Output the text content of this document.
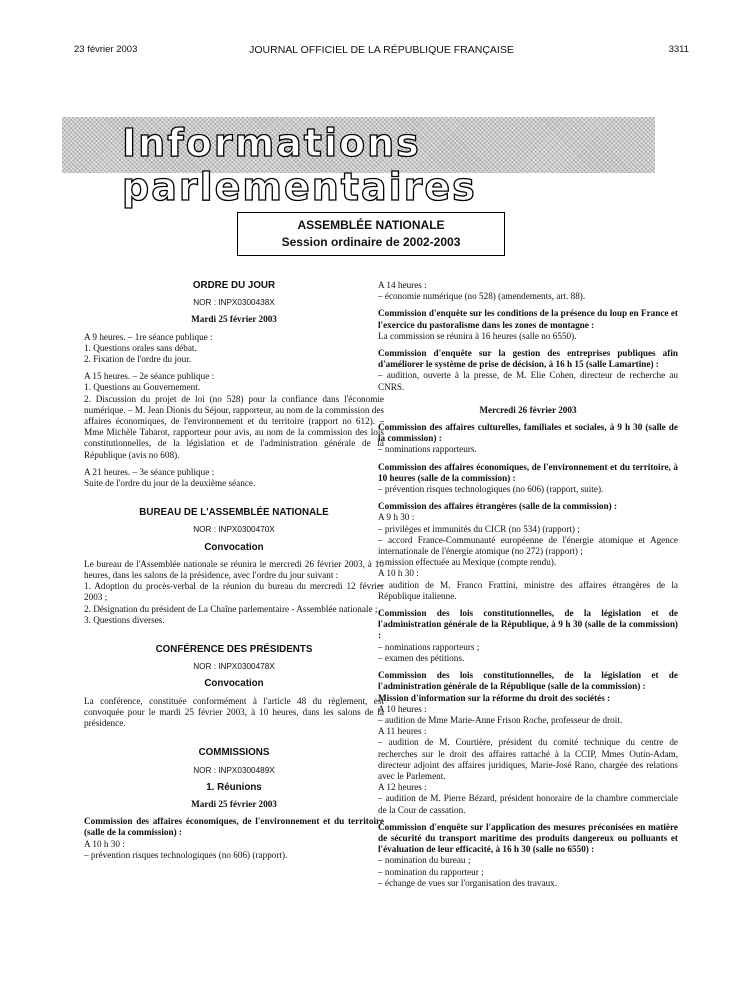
23 février 2003	JOURNAL OFFICIEL DE LA RÉPUBLIQUE FRANÇAISE	3311
Informations parlementaires
ASSEMBLÉE NATIONALE
Session ordinaire de 2002-2003

ORDRE DU JOUR

NOR : INPX0300438X

Mardi 25 février 2003

A 9 heures. – 1re séance publique :

1. Questions orales sans débat.

2. Fixation de l'ordre du jour.

A 15 heures. – 2e séance publique :

1. Questions au Gouvernement.

2. Discussion du projet de loi (no 528) pour la confiance dans l'économie numérique. – M. Jean Dionis du Séjour, rapporteur, au nom de la commission des affaires économiques, de l'environnement et du territoire (rapport no 612). – Mme Michèle Tabarot, rapporteur pour avis, au nom de la commission des lois constitutionnelles, de la législation et de l'administration générale de la République (avis no 608).

A 21 heures. – 3e séance publique :

Suite de l'ordre du jour de la deuxième séance.

BUREAU DE L'ASSEMBLÉE NATIONALE

NOR : INPX0300470X

Convocation

Le bureau de l'Assemblée nationale se réunira le mercredi 26 février 2003, à 10 heures, dans les salons de la présidence, avec l'ordre du jour suivant :

1. Adoption du procès-verbal de la réunion du bureau du mercredi 12 février 2003 ;

2. Désignation du président de La Chaîne parlementaire - Assemblée nationale ;

3. Questions diverses.

CONFÉRENCE DES PRÉSIDENTS

NOR : INPX0300478X

Convocation

La conférence, constituée conformément à l'article 48 du règlement, est convoquée pour le mardi 25 février 2003, à 10 heures, dans les salons de la présidence.

COMMISSIONS

NOR : INPX0300489X

1. Réunions

Mardi 25 février 2003

Commission des affaires économiques, de l'environnement et du territoire (salle de la commission) :

A 10 h 30 :

– prévention risques technologiques (no 606) (rapport).

A 14 heures :

– économie numérique (no 528) (amendements, art. 88).

Commission d'enquête sur les conditions de la présence du loup en France et l'exercice du pastoralisme dans les zones de montagne :

La commission se réunira à 16 heures (salle no 6550).

Commission d'enquête sur la gestion des entreprises publiques afin d'améliorer le système de prise de décision, à 16 h 15 (salle Lamartine) :

– audition, ouverte à la presse, de M. Elie Cohen, directeur de recherche au CNRS.

Mercredi 26 février 2003

Commission des affaires culturelles, familiales et sociales, à 9 h 30 (salle de la commission) :

– nominations rapporteurs.

Commission des affaires économiques, de l'environnement et du territoire, à 10 heures (salle de la commission) :

– prévention risques technologiques (no 606) (rapport, suite).

Commission des affaires étrangères (salle de la commission) :

A 9 h 30 :

– privilèges et immunités du CICR (no 534) (rapport) ;

– accord France-Communauté européenne de l'énergie atomique et Agence internationale de l'énergie atomique (no 272) (rapport) ;

– mission effectuée au Mexique (compte rendu).

A 10 h 30 :

– audition de M. Franco Frattini, ministre des affaires étrangères de la République italienne.

Commission des lois constitutionnelles, de la législation et de l'administration générale de la République, à 9 h 30 (salle de la commission) :

– nominations rapporteurs ;

– examen des pétitions.

Commission des lois constitutionnelles, de la législation et de l'administration générale de la République (salle de la commission) :

Mission d'information sur la réforme du droit des sociétés :

A 10 heures :

– audition de Mme Marie-Anne Frison Roche, professeur de droit.

A 11 heures :

– audition de M. Courtière, président du comité technique du centre de recherches sur le droit des affaires rattaché à la CCIP, Mmes Outin-Adam, directeur adjoint des affaires juridiques, Marie-José Rano, chargée des relations avec le Parlement.

A 12 heures :

– audition de M. Pierre Bézard, président honoraire de la chambre commerciale de la Cour de cassation.

Commission d'enquête sur l'application des mesures préconisées en matière de sécurité du transport maritime des produits dangereux ou polluants et l'évaluation de leur efficacité, à 16 h 30 (salle no 6550) :

– nomination du bureau ;

– nomination du rapporteur ;

– échange de vues sur l'organisation des travaux.
